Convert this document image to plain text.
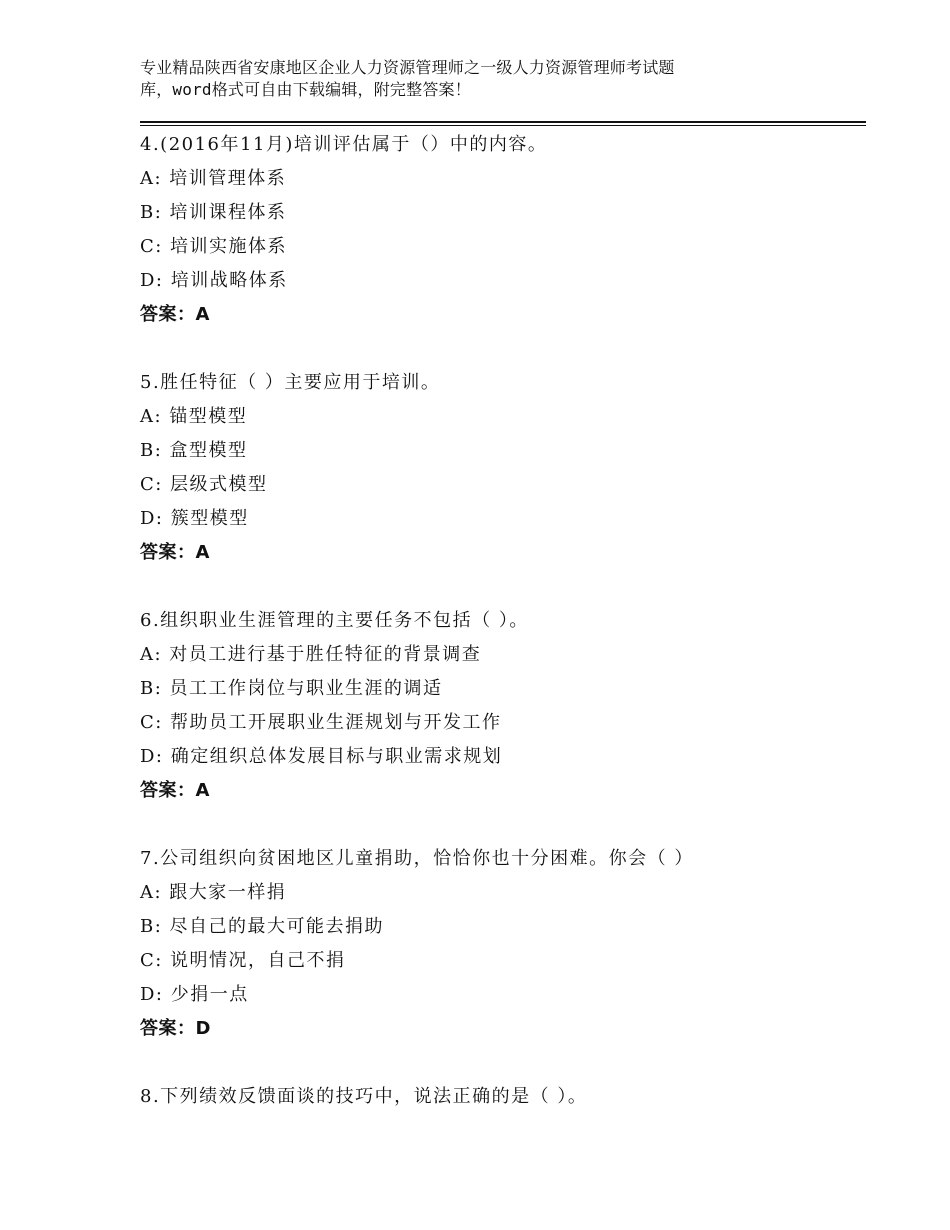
专业精品陕西省安康地区企业人力资源管理师之一级人力资源管理师考试题
库，word格式可自由下载编辑，附完整答案！
4.(2016年11月)培训评估属于（）中的内容。
A: 培训管理体系
B: 培训课程体系
C: 培训实施体系
D: 培训战略体系
答案：A
5.胜任特征（ ）主要应用于培训。
A: 锚型模型
B: 盒型模型
C: 层级式模型
D: 簇型模型
答案：A
6.组织职业生涯管理的主要任务不包括（ ）。
A: 对员工进行基于胜任特征的背景调查
B: 员工工作岗位与职业生涯的调适
C: 帮助员工开展职业生涯规划与开发工作
D: 确定组织总体发展目标与职业需求规划
答案：A
7.公司组织向贫困地区儿童捐助，恰恰你也十分困难。你会（ ）
A: 跟大家一样捐
B: 尽自己的最大可能去捐助
C: 说明情况，自己不捐
D: 少捐一点
答案：D
8.下列绩效反馈面谈的技巧中，说法正确的是（ ）。
